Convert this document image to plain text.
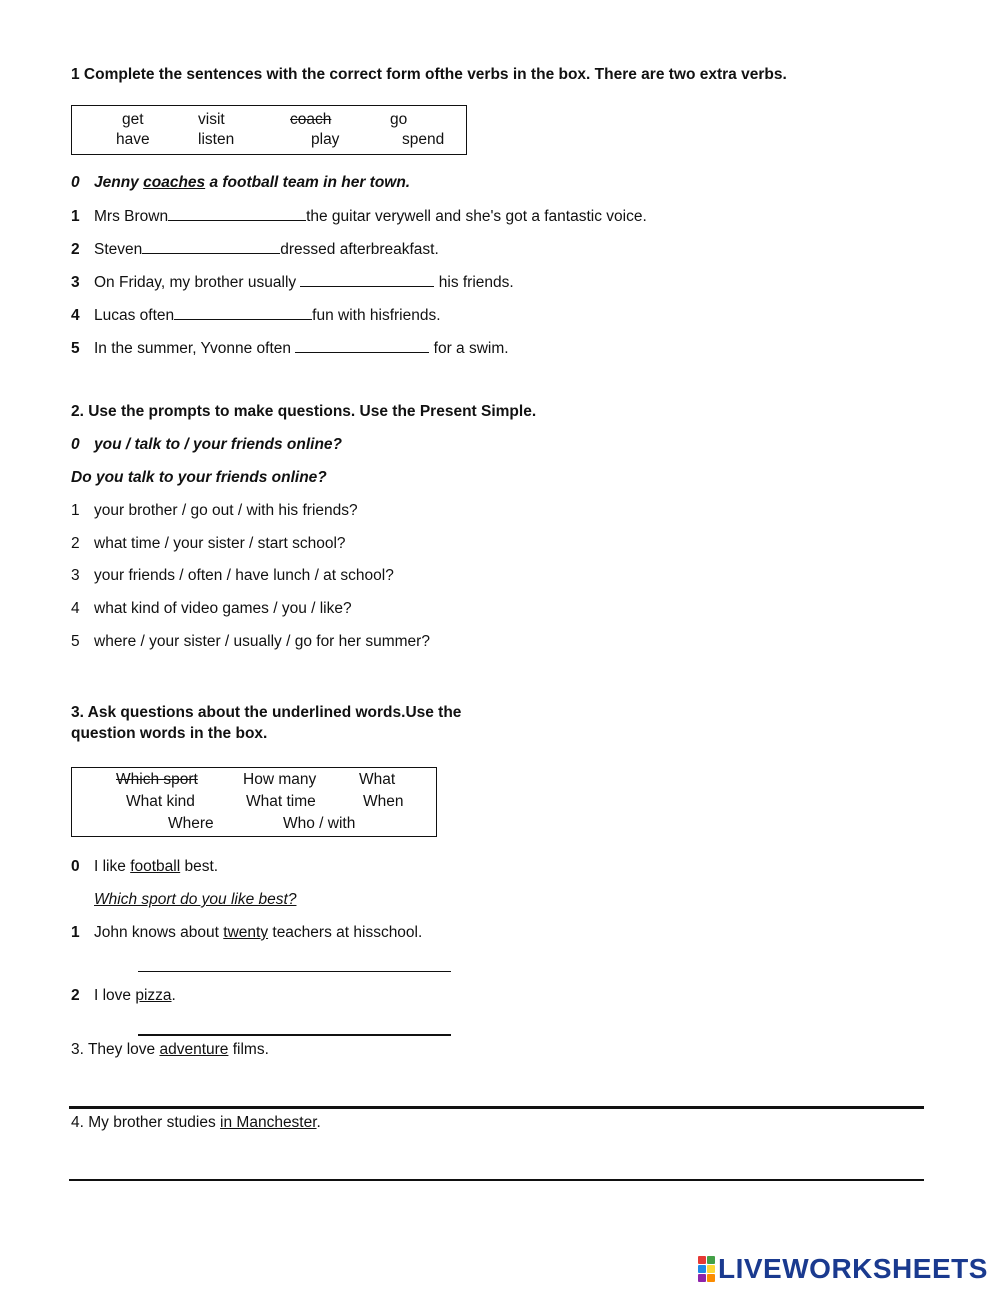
1 Complete the sentences with the correct form ofthe verbs in the box. There are two extra verbs.
get	visit	coach	go
have	listen	play	spend
0 Jenny coaches a football team in her town.
1 Mrs Brown	the guitar verywell and she's got a fantastic voice.
2 Steven	dressed afterbreakfast.
3 On Friday, my brother usually	his friends.
4 Lucas often	fun with hisfriends.
5 In the summer, Yvonne often	for a swim.
2. Use the prompts to make questions. Use the Present Simple.
0 you / talk to / your friends online?
Do you talk to your friends online?
1 your brother / go out / with his friends?
2 what time / your sister / start school?
3 your friends / often / have lunch / at school?
4 what kind of video games / you / like?
5 where / your sister / usually / go for her summer?
3. Ask questions about the underlined words.Use the
question words in the box.
Which sport	How many	What
What kind	What time	When
Where	Who / with
0 I like football best.
Which sport do you like best?
1 John knows about twenty teachers at hisschool.
2 I love pizza.
3. They love adventure films.
4. My brother studies in Manchester.
LIVEWORKSHEETS
